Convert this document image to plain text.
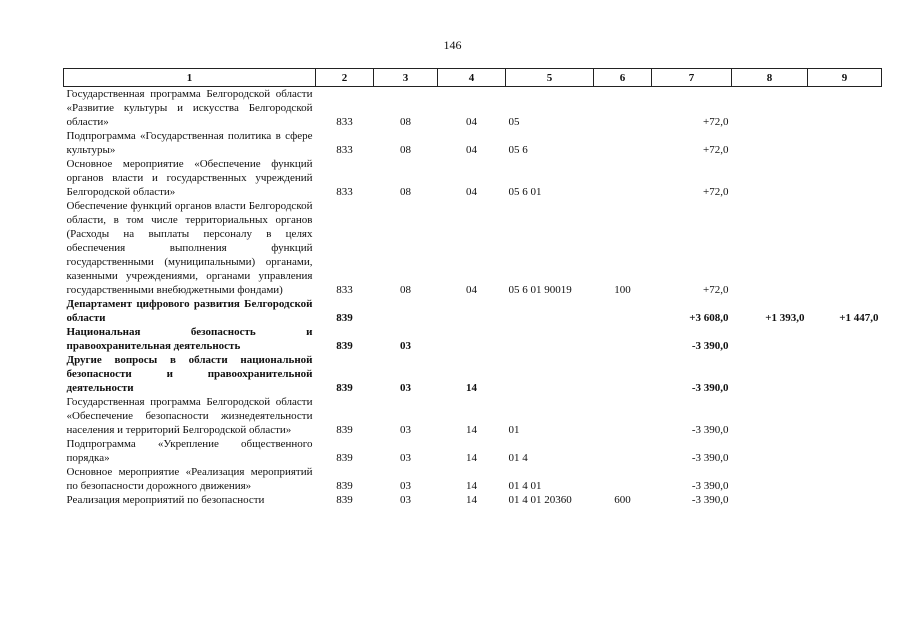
146
1	2	3	4	5	6	7	8	9
Государственная программа Белгородской области «Развитие культуры и искусства Белгородской области»	833	08	04	05		+72,0		
Подпрограмма «Государственная политика в сфере культуры»	833	08	04	05 6		+72,0		
Основное мероприятие «Обеспечение функций органов власти и государственных учреждений Белгородской области»	833	08	04	05 6 01		+72,0		
Обеспечение функций органов власти Белгородской области, в том числе территориальных органов (Расходы на выплаты персоналу в целях обеспечения выполнения функций государственными (муниципальными) органами, казенными учреждениями, органами управления государственными внебюджетными фондами)	833	08	04	05 6 01 90019	100	+72,0		
Департамент цифрового развития Белгородской области	839					+3 608,0	+1 393,0	+1 447,0
Национальная безопасность и правоохранительная деятельность	839	03				-3 390,0		
Другие вопросы в области национальной безопасности и правоохранительной деятельности	839	03	14			-3 390,0		
Государственная программа Белгородской области «Обеспечение безопасности жизнедеятельности населения и территорий Белгородской области»	839	03	14	01		-3 390,0		
Подпрограмма «Укрепление общественного порядка»	839	03	14	01 4		-3 390,0		
Основное мероприятие «Реализация мероприятий по безопасности дорожного движения»	839	03	14	01 4 01		-3 390,0		
Реализация мероприятий по безопасности	839	03	14	01 4 01 20360	600	-3 390,0		
